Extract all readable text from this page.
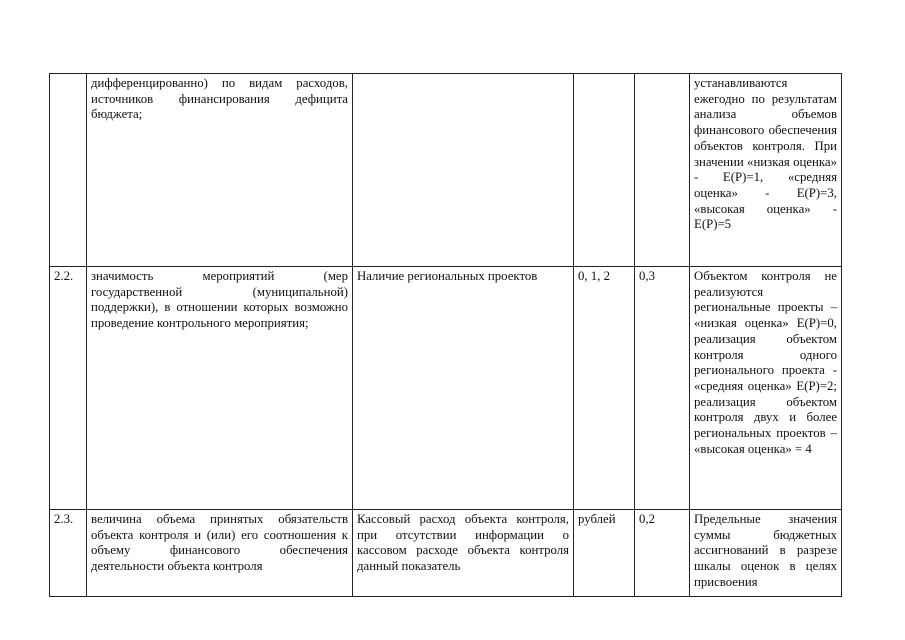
	дифференцированно) по видам расходов, источников финансирования дефицита бюджета;				устанавливаются ежегодно по результатам анализа объемов финансового обеспечения объектов контроля. При значении «низкая оценка» - E(P)=1, «средняя оценка» - E(P)=3, «высокая оценка» - E(P)=5
2.2.	значимость мероприятий (мер государственной (муниципальной) поддержки), в отношении которых возможно проведение контрольного мероприятия;	Наличие региональных проектов	0, 1, 2	0,3	Объектом контроля не реализуются региональные проекты – «низкая оценка» E(P)=0, реализация объектом контроля одного регионального проекта - «средняя оценка» E(P)=2; реализация объектом контроля двух и более региональных проектов – «высокая оценка» = 4
2.3.	величина объема принятых обязательств объекта контроля и (или) его соотношения к объему финансового обеспечения деятельности объекта контроля	Кассовый расход объекта контроля, при отсутствии информации о кассовом расходе объекта контроля данный показатель	рублей	0,2	Предельные значения суммы бюджетных ассигнований в разрезе шкалы оценок в целях присвоения
